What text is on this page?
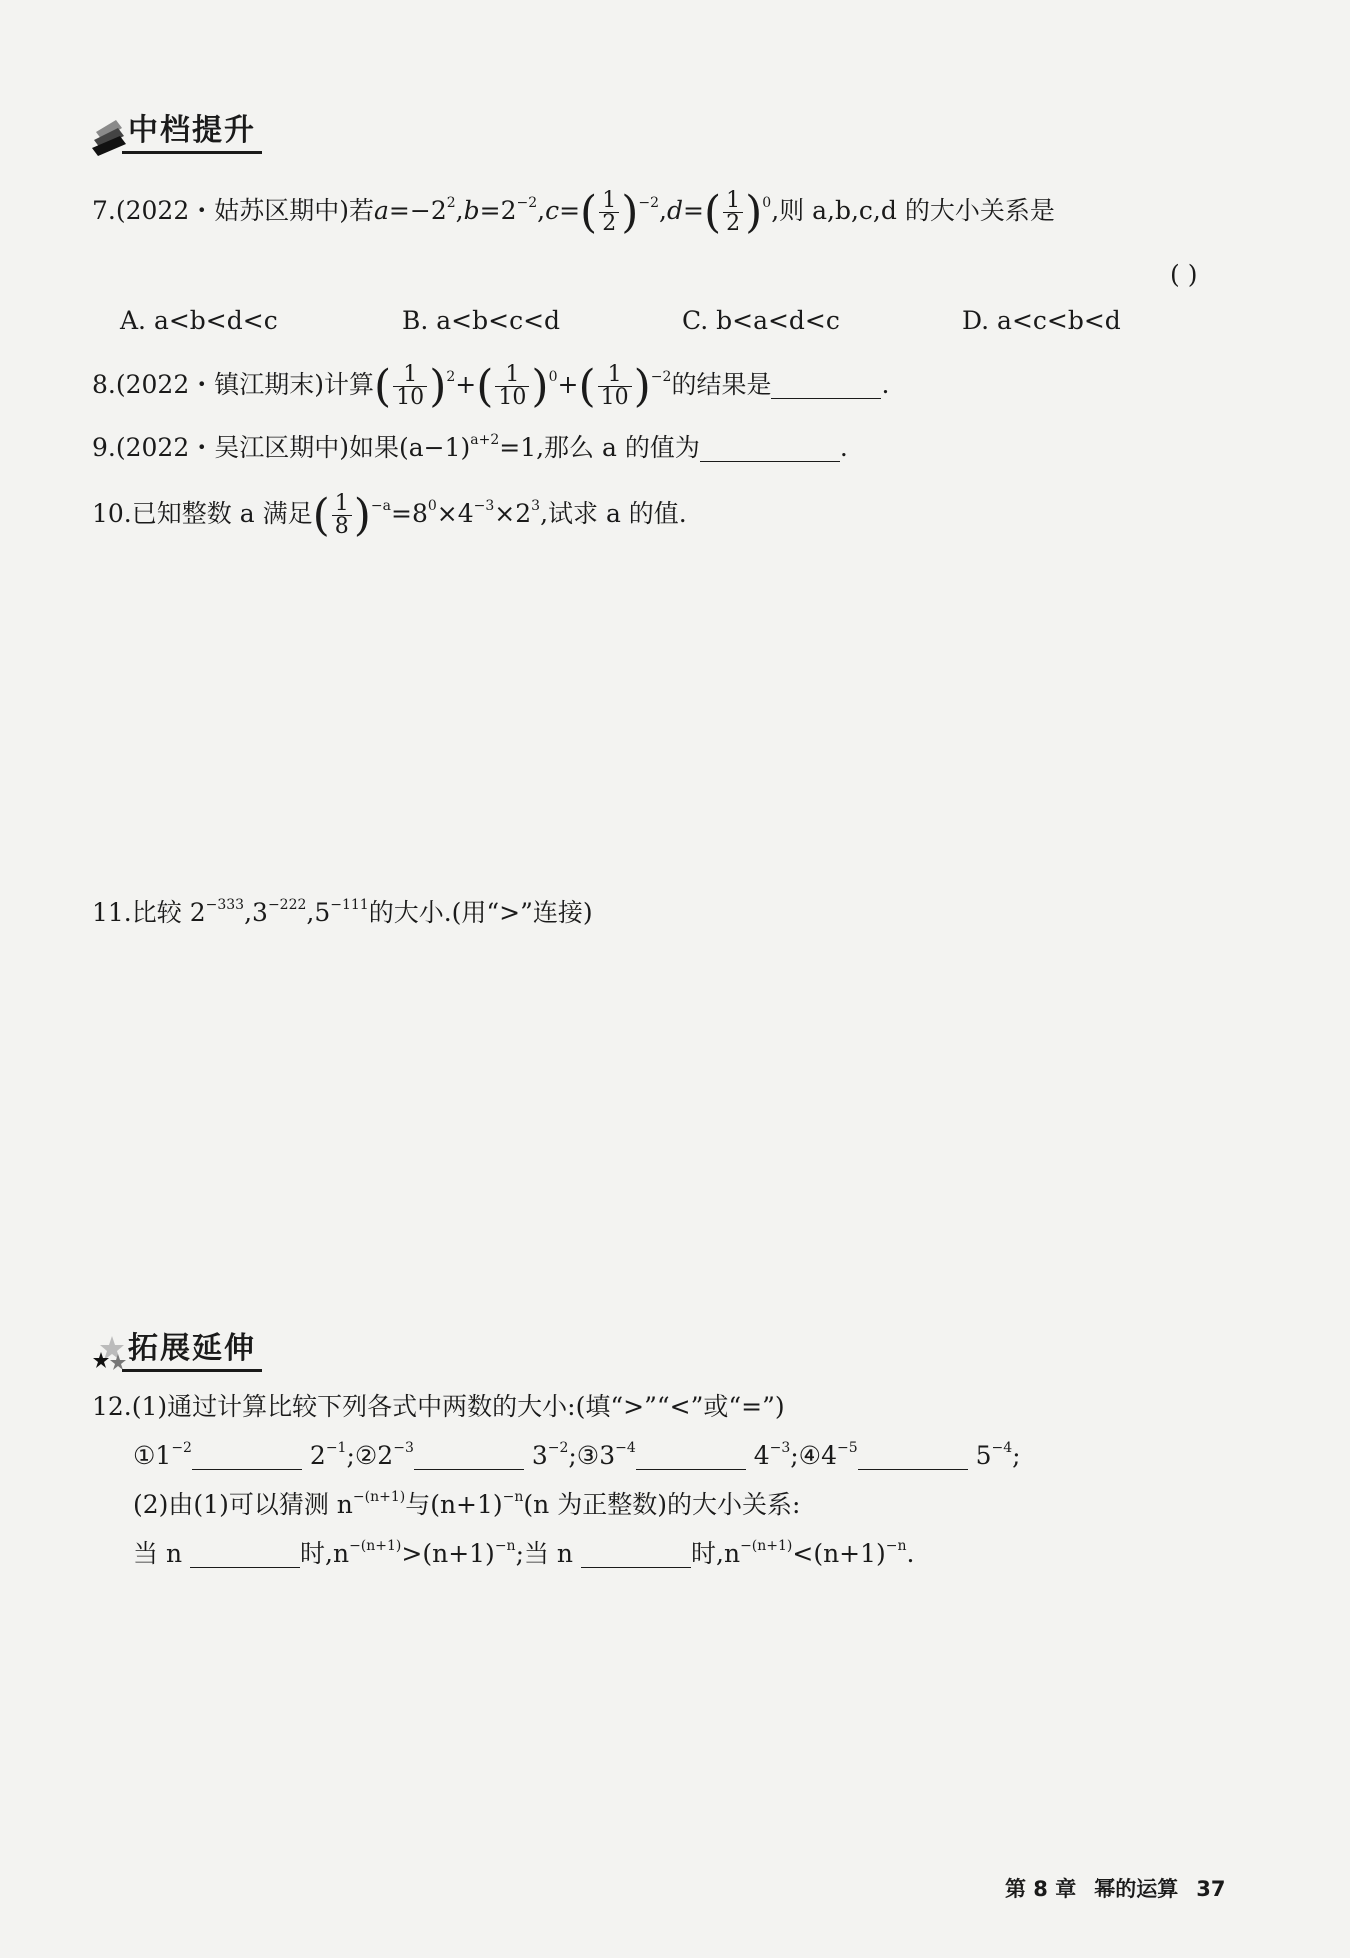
中档提升
7.(2022・姑苏区期中)若$a=-2^2,b=2^{-2},c=( \frac{1}{2} )^{-2},d=( \frac{1}{2} )^0$,则 a,b,c,d 的大小关系是
( )
A. a<b<d<c	B. a<b<c<d	C. b<a<d<c	D. a<c<b<d
8.(2022・镇江期末)计算( $\frac{1}{10} )^2+( \frac{1}{10} )^0+( \frac{1}{10} )^{-2}$的结果是	.
9.(2022・吴江区期中)如果$(a-1)^{a+2}=1$,那么 a 的值为	.
10.已知整数 a 满足( $\frac{1}{8} )^{-a}=8^0\times 4^{-3}\times 2^3$,试求 a 的值.
11.比较 $2^{-333},3^{-222},5^{-111}$的大小.(用“>”连接)
拓展延伸
12.(1)通过计算比较下列各式中两数的大小:(填“>”“<”或“=”)
$①1^{-2}$	$2^{-1};②2^{-3}$	$3^{-2};③3^{-4}$	$4^{-3};④4^{-5}$	$5^{-4}$;
(2)由(1)可以猜测 $n^{-(n+1)}$与$(n+1)^{-n}(n$ 为正整数)的大小关系:
当 n	时$,n^{-(n+1)}>(n+1)^{-n}$;当 n	时$,n^{-(n+1)}<(n+1)^{-n}$.
第 8 章 幂的运算 37
